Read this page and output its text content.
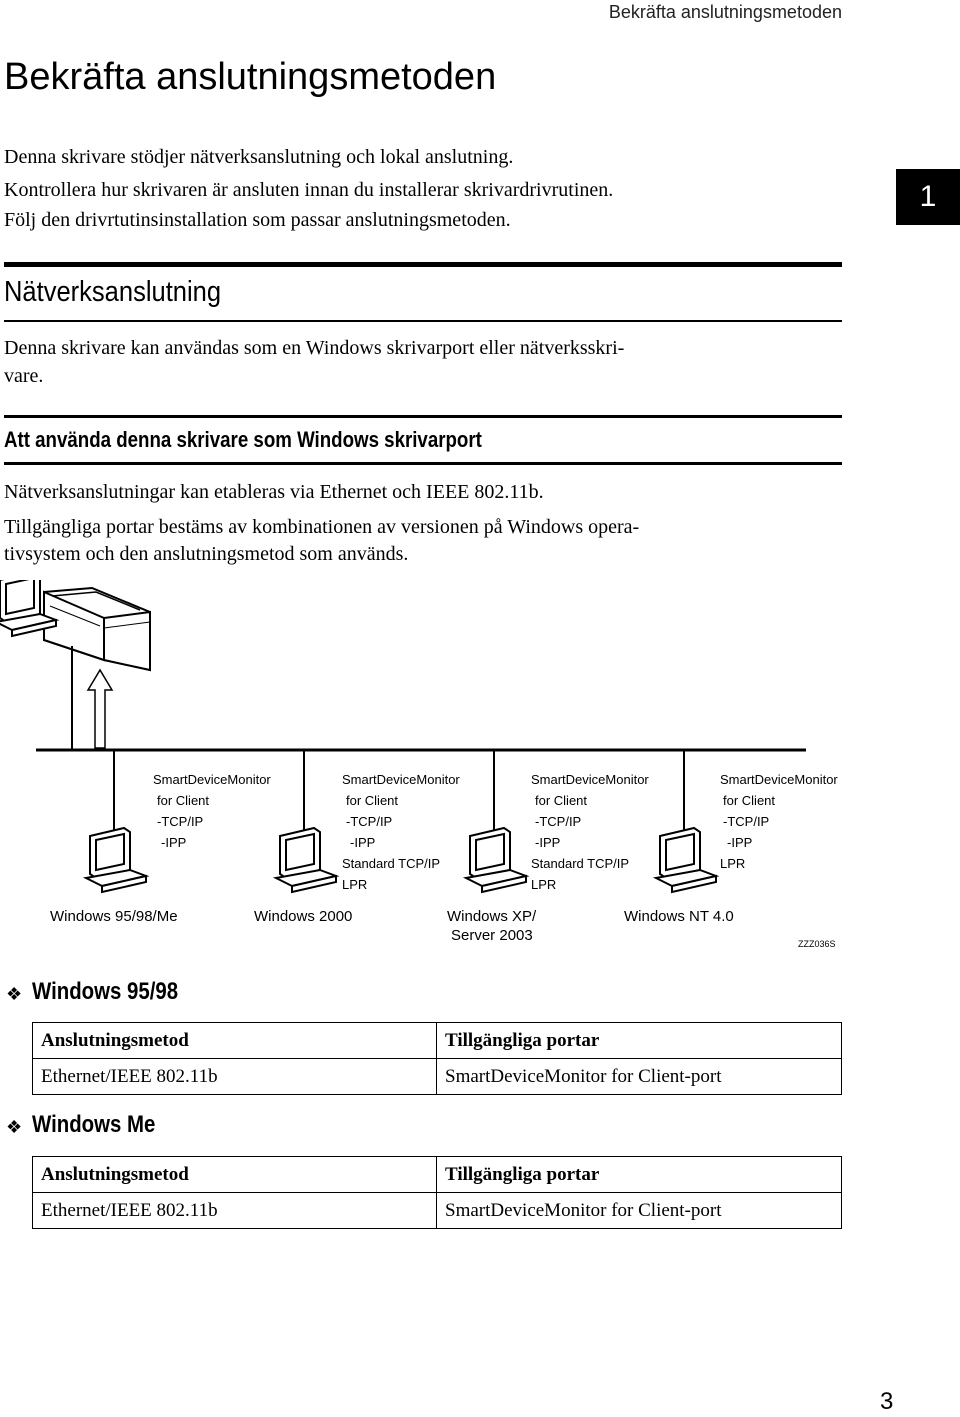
Bekräfta anslutningsmetoden
Bekräfta anslutningsmetoden
Denna skrivare stödjer nätverksanslutning och lokal anslutning.
Kontrollera hur skrivaren är ansluten innan du installerar skrivardrivrutinen.
Följ den drivrtutinsinstallation som passar anslutningsmetoden.
1
Nätverksanslutning
Denna skrivare kan användas som en Windows skrivarport eller nätverksskri-
vare.
Att använda denna skrivare som Windows skrivarport
Nätverksanslutningar kan etableras via Ethernet och IEEE 802.11b.
Tillgängliga portar bestäms av kombinationen av versionen på Windows opera-
tivsystem och den anslutningsmetod som används.
SmartDeviceMonitor
for Client
-TCP/IP
-IPP
SmartDeviceMonitor
for Client
-TCP/IP
-IPP
Standard TCP/IP
LPR
SmartDeviceMonitor
for Client
-TCP/IP
-IPP
Standard TCP/IP
LPR
SmartDeviceMonitor
for Client
-TCP/IP
-IPP
LPR
Windows 95/98/Me	Windows 2000	Windows XP/
Server 2003
Windows NT 4.0
ZZZ036S
❖ Windows 95/98
Anslutningsmetod	Tillgängliga portar
Ethernet/IEEE 802.11b	SmartDeviceMonitor for Client-port
❖ Windows Me
Anslutningsmetod	Tillgängliga portar
Ethernet/IEEE 802.11b	SmartDeviceMonitor for Client-port
3
